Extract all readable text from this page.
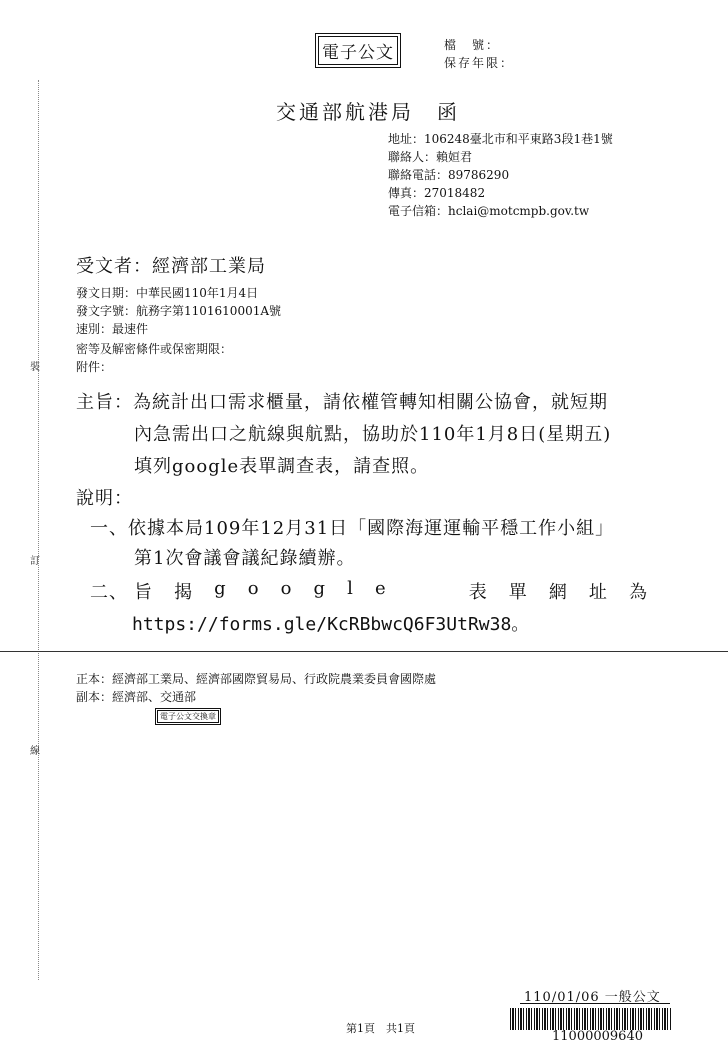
裝
訂
線
電子公文	檔　號：
保存年限：
交通部航港局　函
地址：106248臺北市和平東路3段1巷1號
聯絡人：賴姮君
聯絡電話：89786290
傳真：27018482
電子信箱：hclai@motcmpb.gov.tw
受文者：經濟部工業局
發文日期：中華民國110年1月4日
發文字號：航務字第1101610001A號
速別：最速件
密等及解密條件或保密期限：
附件：
主旨：為統計出口需求櫃量，請依權管轉知相關公協會，就短期
內急需出口之航線與航點，協助於110年1月8日(星期五)
填列google表單調查表，請查照。
說明：
一、依據本局109年12月31日「國際海運運輸平穩工作小組」
第1次會議會議紀錄續辦。
二、 旨 揭 g o o g l e	表 單 網 址 為
https://forms.gle/KcRBbwcQ6F3UtRw38。
正本：經濟部工業局、經濟部國際貿易局、行政院農業委員會國際處
副本：經濟部、交通部
電子公文交換章
110/01/06 一般公文
11000009640
第1頁　共1頁
